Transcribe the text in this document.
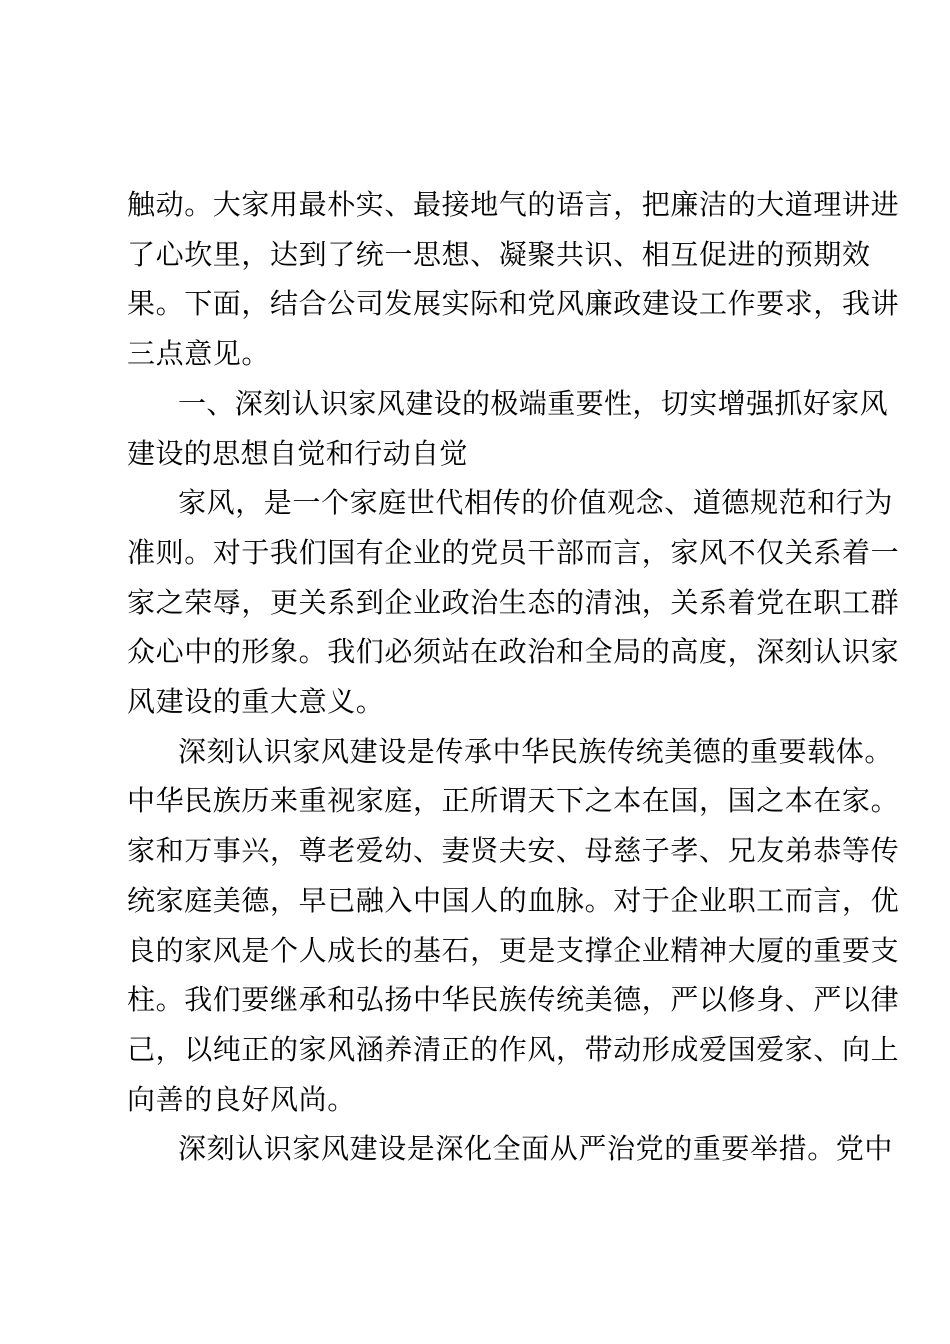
触动。大家用最朴实、最接地气的语言，把廉洁的大道理讲进
了心坎里，达到了统一思想、凝聚共识、相互促进的预期效
果。下面，结合公司发展实际和党风廉政建设工作要求，我讲
三点意见。
一、深刻认识家风建设的极端重要性，切实增强抓好家风
建设的思想自觉和行动自觉
家风，是一个家庭世代相传的价值观念、道德规范和行为
准则。对于我们国有企业的党员干部而言，家风不仅关系着一
家之荣辱，更关系到企业政治生态的清浊，关系着党在职工群
众心中的形象。我们必须站在政治和全局的高度，深刻认识家
风建设的重大意义。
深刻认识家风建设是传承中华民族传统美德的重要载体。
中华民族历来重视家庭，正所谓天下之本在国，国之本在家。
家和万事兴，尊老爱幼、妻贤夫安、母慈子孝、兄友弟恭等传
统家庭美德，早已融入中国人的血脉。对于企业职工而言，优
良的家风是个人成长的基石，更是支撑企业精神大厦的重要支
柱。我们要继承和弘扬中华民族传统美德，严以修身、严以律
己，以纯正的家风涵养清正的作风，带动形成爱国爱家、向上
向善的良好风尚。
深刻认识家风建设是深化全面从严治党的重要举措。党中
